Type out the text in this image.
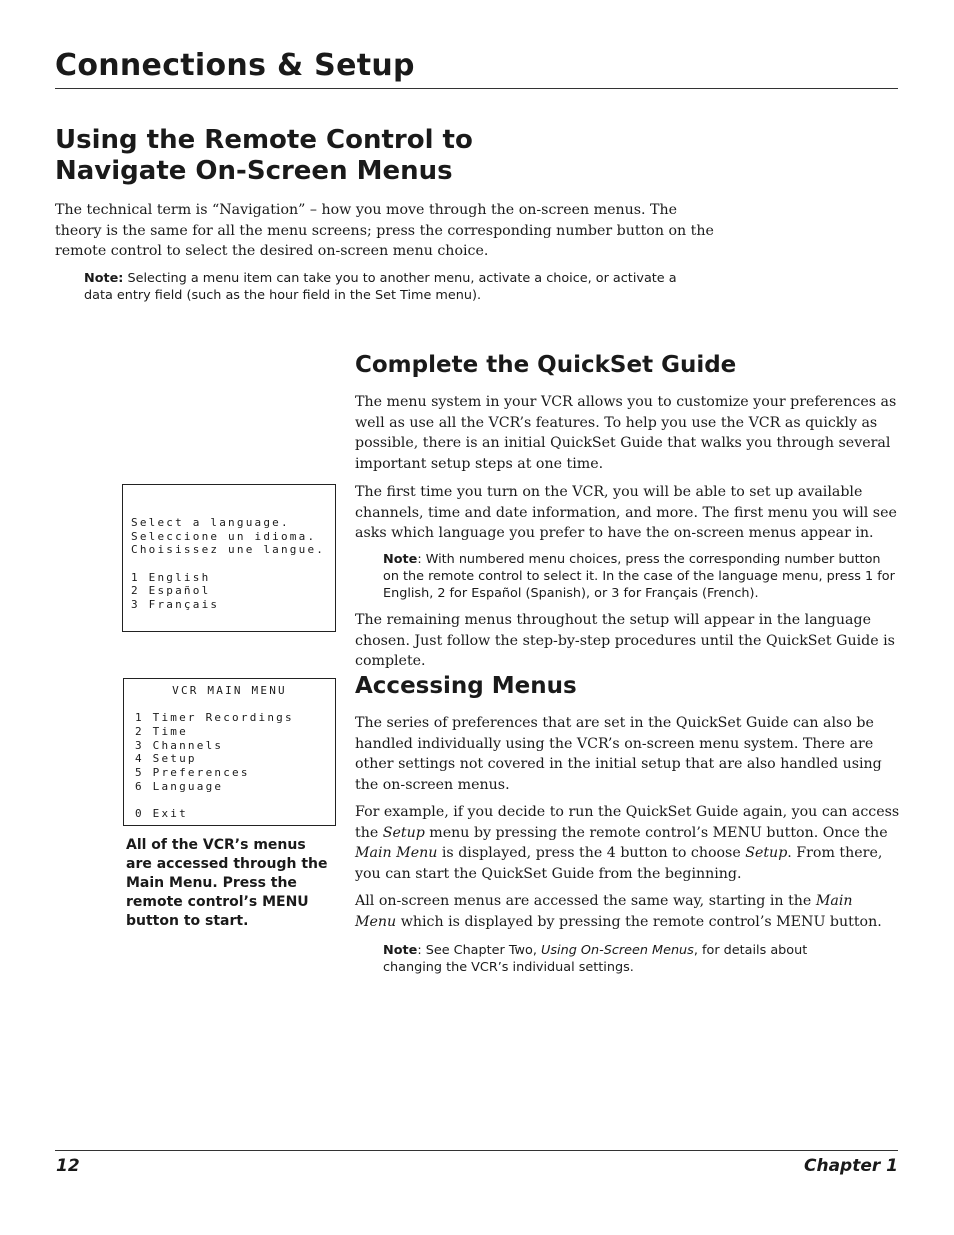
Connections & Setup
Using the Remote Control to
Navigate On-Screen Menus

The technical term is “Navigation” – how you move through the on-screen menus. The theory is the same for all the menu screens; press the corresponding number button on the remote control to select the desired on-screen menu choice.

Note: Selecting a menu item can take you to another menu, activate a choice, or activate a data entry field (such as the hour field in the Set Time menu).

Complete the QuickSet Guide

The menu system in your VCR allows you to customize your preferences as well as use all the VCR’s features. To help you use the VCR as quickly as possible, there is an initial QuickSet Guide that walks you through several important setup steps at one time.

The first time you turn on the VCR, you will be able to set up available channels, time and date information, and more. The first menu you will see asks which language you prefer to have the on-screen menus appear in.

Note: With numbered menu choices, press the corresponding number button on the remote control to select it. In the case of the language menu, press 1 for English, 2 for Español (Spanish), or 3 for Français (French).

The remaining menus throughout the setup will appear in the language chosen. Just follow the step-by-step procedures until the QuickSet Guide is complete.

Select a language.
Seleccione un idioma.
Choisissez une langue.
1 English
2 Español
3 Français
VCR MAIN MENU
1 Timer Recordings
2 Time
3 Channels
4 Setup
5 Preferences
6 Language
0 Exit

All of the VCR’s menus are accessed through the Main Menu. Press the remote control’s MENU button to start.

Accessing Menus

The series of preferences that are set in the QuickSet Guide can also be handled individually using the VCR’s on-screen menu system. There are other settings not covered in the initial setup that are also handled using the on-screen menus.

For example, if you decide to run the QuickSet Guide again, you can access the Setup menu by pressing the remote control’s MENU button. Once the Main Menu is displayed, press the 4 button to choose Setup. From there, you can start the QuickSet Guide from the beginning.

All on-screen menus are accessed the same way, starting in the Main Menu which is displayed by pressing the remote control’s MENU button.

Note: See Chapter Two, Using On-Screen Menus, for details about changing the VCR’s individual settings.

12	Chapter 1
